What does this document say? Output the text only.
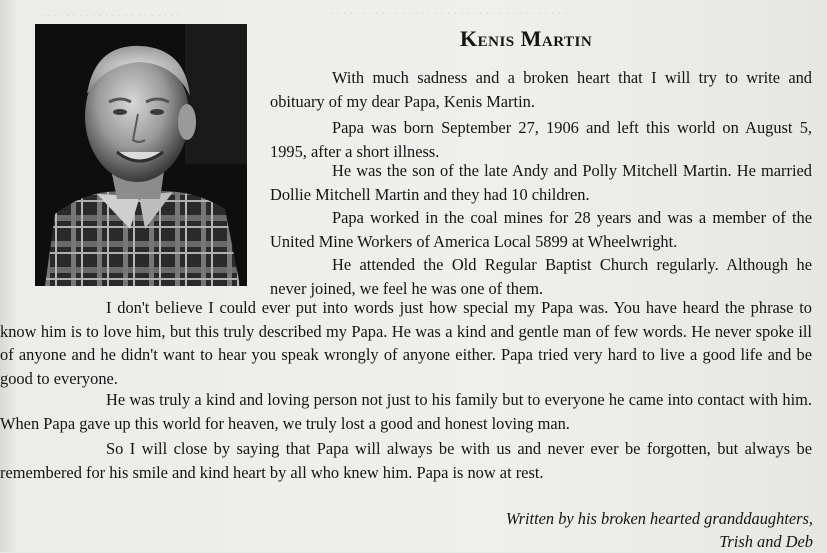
. . . . . . . . . . . . . . . . . . . . . . . . . . . . . . . . . . . . .
. . . . . . . . . . . . . . . . . . . . . .
Kenis Martin

With much sadness and a broken heart that I will try to write and obituary of my dear Papa, Kenis Martin.

Papa was born September 27, 1906 and left this world on August 5, 1995, after a short illness.

He was the son of the late Andy and Polly Mitchell Martin. He married Dollie Mitchell Martin and they had 10 children.

Papa worked in the coal mines for 28 years and was a member of the United Mine Workers of America Local 5899 at Wheelwright.

He attended the Old Regular Baptist Church regularly. Although he never joined, we feel he was one of them.

I don't believe I could ever put into words just how special my Papa was. You have heard the phrase to know him is to love him, but this truly described my Papa. He was a kind and gentle man of few words. He never spoke ill of anyone and he didn't want to hear you speak wrongly of anyone either. Papa tried very hard to live a good life and be good to everyone.

He was truly a kind and loving person not just to his family but to everyone he came into contact with him. When Papa gave up this world for heaven, we truly lost a good and honest loving man.

So I will close by saying that Papa will always be with us and never ever be forgotten, but always be remembered for his smile and kind heart by all who knew him. Papa is now at rest.

Written by his broken hearted granddaughters,
Trish and Deb
